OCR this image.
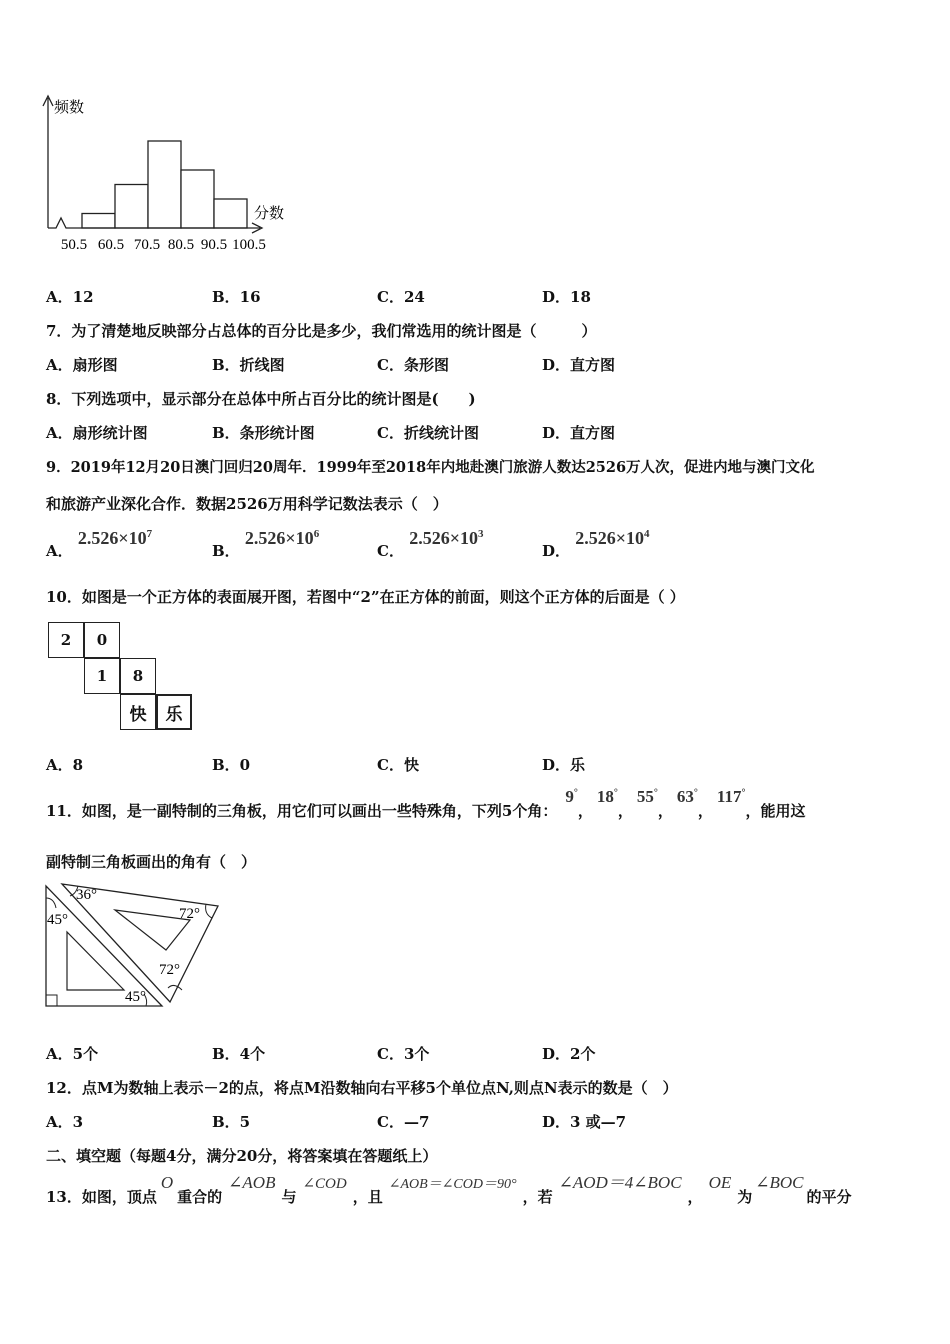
频数
分数
50.5 60.5 70.5 80.5 90.5 100.5
A．12	B．16	C．24	D．18
7．为了清楚地反映部分占总体的百分比是多少，我们常选用的统计图是（　　　）
A．扇形图	B．折线图	C．条形图	D．直方图
8．下列选项中，显示部分在总体中所占百分比的统计图是(　　)
A．扇形统计图	B．条形统计图	C．折线统计图	D．直方图
9．2019年12月20日澳门回归20周年．1999年至2018年内地赴澳门旅游人数达2526万人次，促进内地与澳门文化
和旅游产业深化合作．数据2526万用科学记数法表示（　）
A． $2.526\times 10^7$
B． $2.526\times 10^6$
C． $2.526\times 10^3$
D． $2.526\times 10^4$
10．如图是一个正方体的表面展开图，若图中“2”在正方体的前面，则这个正方体的后面是（ ）
2	0
1	8
快	乐
A．8	B．0	C．快	D．乐
11．如图，是一副特制的三角板，用它们可以画出一些特殊角，下列5个角：9°，18°，55°，63°，117°，能用这
副特制三角板画出的角有（　）
36°
45°	72°
72°
45°
A．5个	B．4个	C．3个	D．2个
12．点M为数轴上表示－2的点，将点M沿数轴向右平移5个单位点N,则点N表示的数是（　）
A．3	B．5	C．—7	D．3 或—7
二、填空题（每题4分，满分20分，将答案填在答题纸上）
13．如图，顶点O重合的∠AOB与∠COD，且∠AOB＝∠COD＝90°，若∠AOD＝4∠BOC，OE为∠BOC的平分
